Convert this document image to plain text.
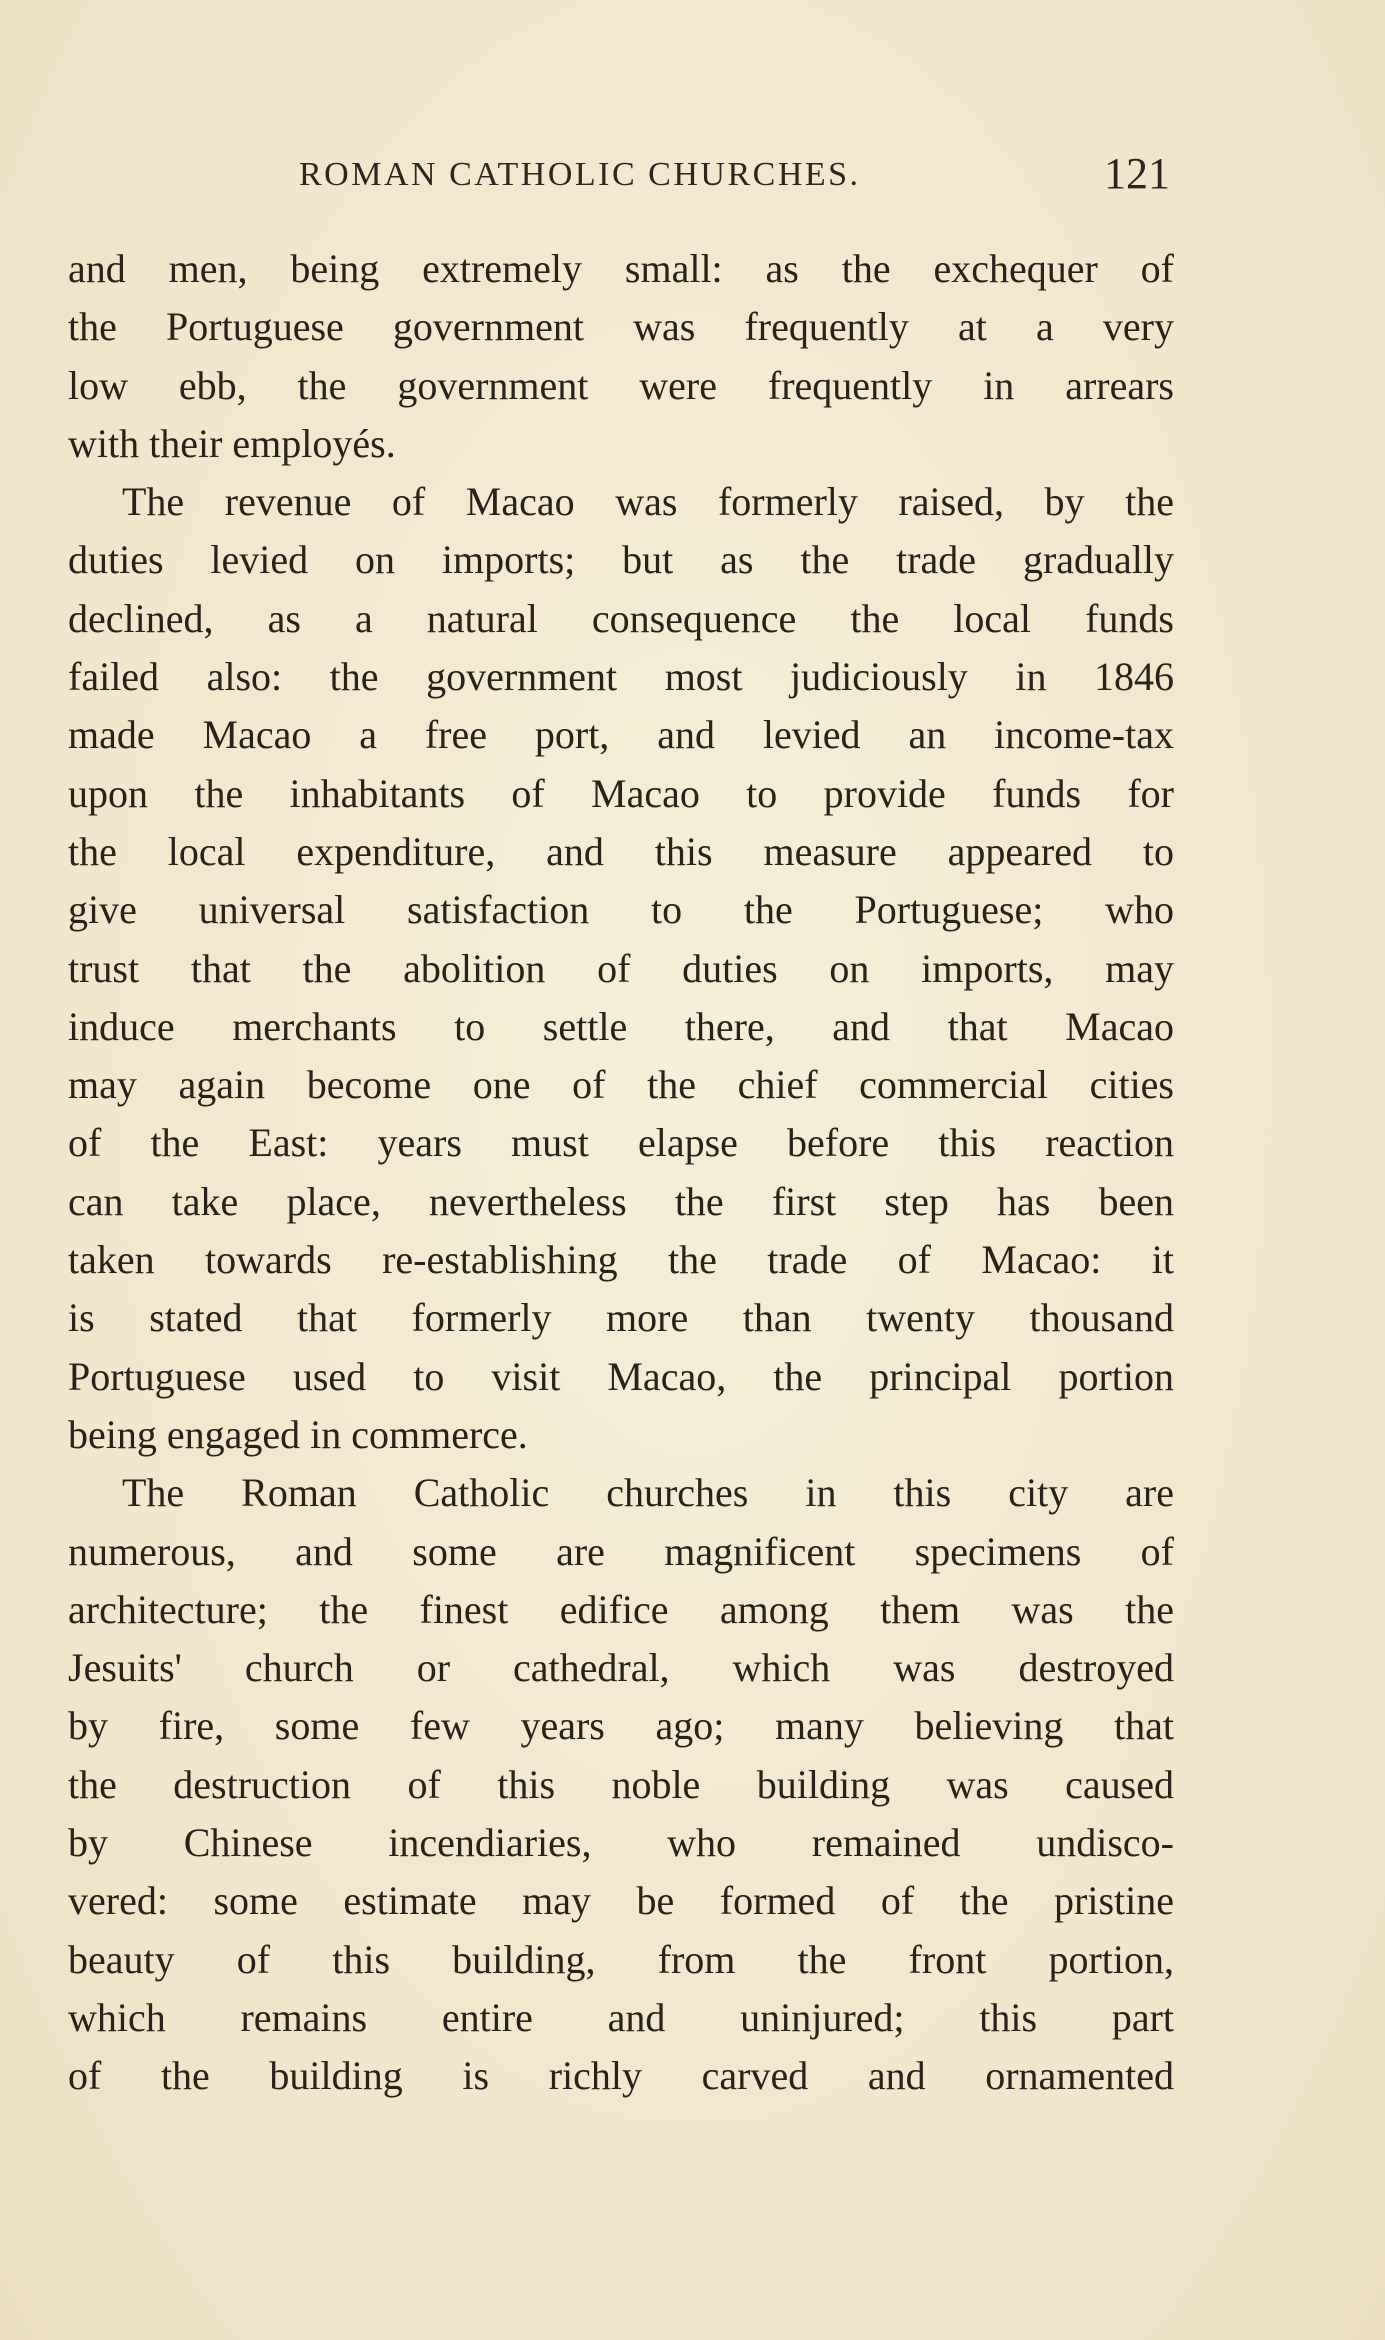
ROMAN CATHOLIC CHURCHES.	121
and men, being extremely small: as the exchequer of
the Portuguese government was frequently at a very
low ebb, the government were frequently in arrears
with their employés.
The revenue of Macao was formerly raised, by the
duties levied on imports; but as the trade gradually
declined, as a natural consequence the local funds
failed also: the government most judiciously in 1846
made Macao a free port, and levied an income-tax
upon the inhabitants of Macao to provide funds for
the local expenditure, and this measure appeared to
give universal satisfaction to the Portuguese; who
trust that the abolition of duties on imports, may
induce merchants to settle there, and that Macao
may again become one of the chief commercial cities
of the East: years must elapse before this reaction
can take place, nevertheless the first step has been
taken towards re-establishing the trade of Macao: it
is stated that formerly more than twenty thousand
Portuguese used to visit Macao, the principal portion
being engaged in commerce.
The Roman Catholic churches in this city are
numerous, and some are magnificent specimens of
architecture; the finest edifice among them was the
Jesuits' church or cathedral, which was destroyed
by fire, some few years ago; many believing that
the destruction of this noble building was caused
by Chinese incendiaries, who remained undisco-
vered: some estimate may be formed of the pristine
beauty of this building, from the front portion,
which remains entire and uninjured; this part
of the building is richly carved and ornamented
